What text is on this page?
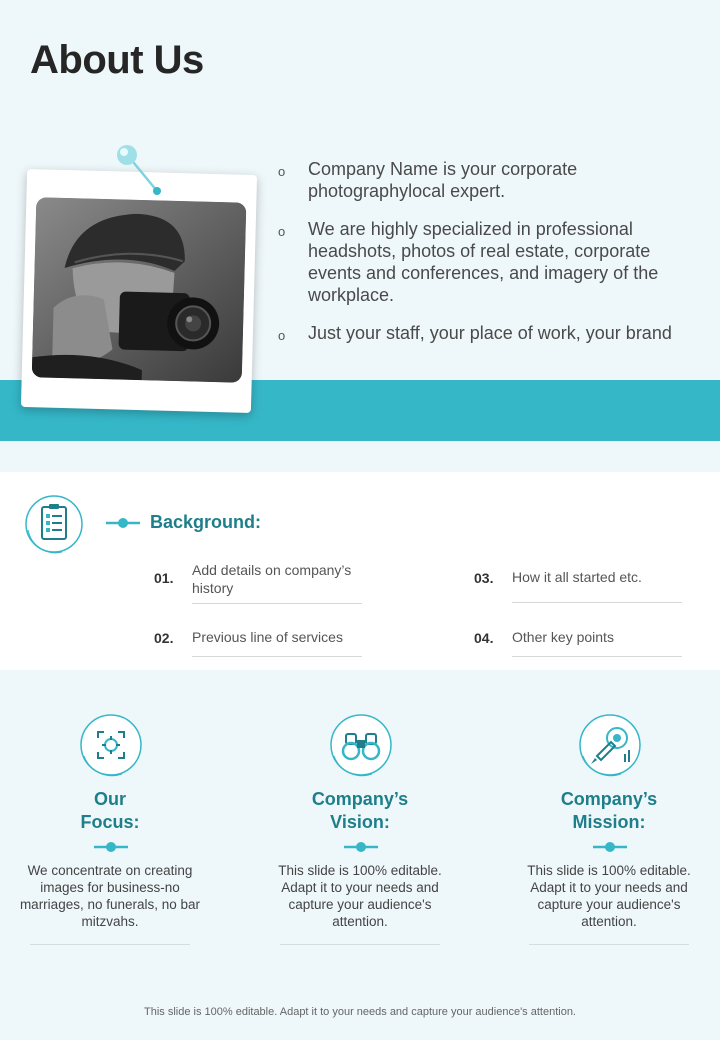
About Us
o Company Name is your corporate photographylocal expert.
o We are highly specialized in professional headshots, photos of real estate, corporate events and conferences, and imagery of the workplace.
o Just your staff, your place of work, your brand
Background:
01. Add details on company’s history
02. Previous line of services
03. How it all started etc.
04. Other key points
Our Focus:
We concentrate on creating images for business-no marriages, no funerals, no bar mitzvahs.
Company’s Vision:
This slide is 100% editable. Adapt it to your needs and capture your audience's attention.
Company’s Mission:
This slide is 100% editable. Adapt it to your needs and capture your audience's attention.
This slide is 100% editable. Adapt it to your needs and capture your audience's attention.
